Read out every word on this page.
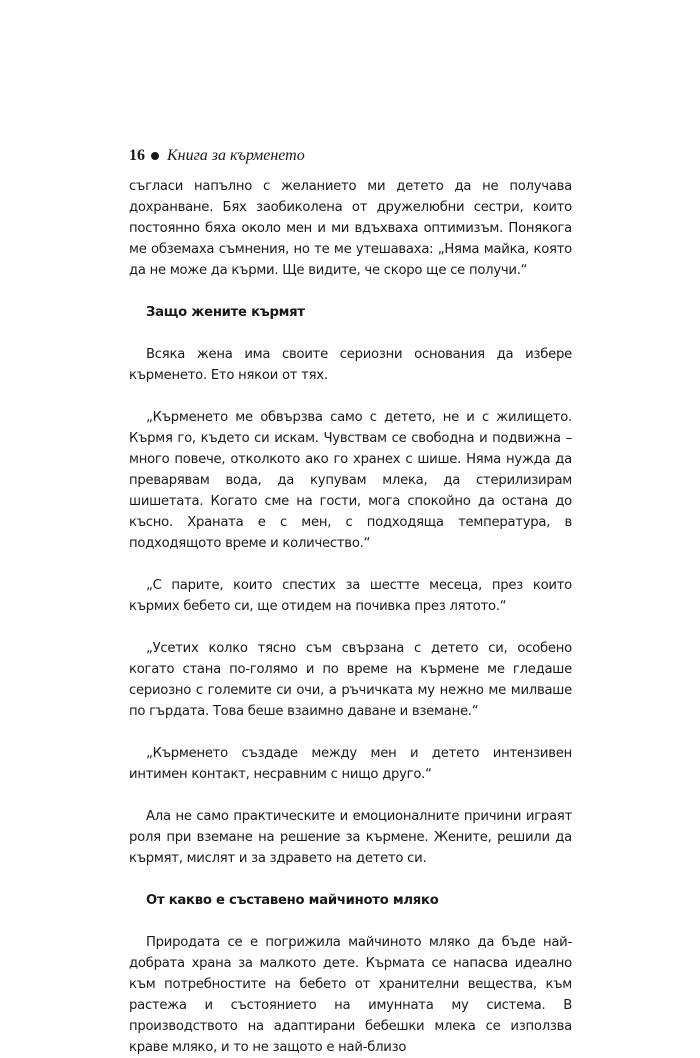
16 Книга за кърменето

съгласи напълно с желанието ми детето да не получава дохранване. Бях заобиколена от дружелюбни сестри, които постоянно бяха около мен и ми вдъхваха оптимизъм. Понякога ме обземаха съмнения, но те ме утешаваха: „Няма майка, която да не може да кърми. Ще видите, че скоро ще се получи.“

Защо жените кърмят

Всяка жена има своите сериозни основания да избере кърменето. Ето някои от тях.

„Кърменето ме обвързва само с детето, не и с жилището. Кърмя го, където си искам. Чувствам се свободна и подвижна – много повече, отколкото ако го хранех с шише. Няма нужда да преварявам вода, да купувам млека, да стерилизирам шишетата. Когато сме на гости, мога спокойно да остана до късно. Храната е с мен, с подходяща температура, в подходящото време и количество.“

„С парите, които спестих за шестте месеца, през които кърмих бебето си, ще отидем на почивка през лятото.“

„Усетих колко тясно съм свързана с детето си, особено когато стана по-голямо и по време на кърмене ме гледаше сериозно с големите си очи, а ръчичката му нежно ме милваше по гърдата. Това беше взаимно даване и вземане.“

„Кърменето създаде между мен и детето интензивен интимен контакт, несравним с нищо друго.“

Ала не само практическите и емоционалните причини играят роля при вземане на решение за кърмене. Жените, решили да кърмят, мислят и за здравето на детето си.

От какво е съставено майчиното мляко

Природата се е погрижила майчиното мляко да бъде най-добрата храна за малкото дете. Кърмата се напасва идеално към потребностите на бебето от хранителни вещества, към растежа и състоянието на имунната му система. В производството на адаптирани бебешки млека се използва краве мляко, и то не защото е най-близо
